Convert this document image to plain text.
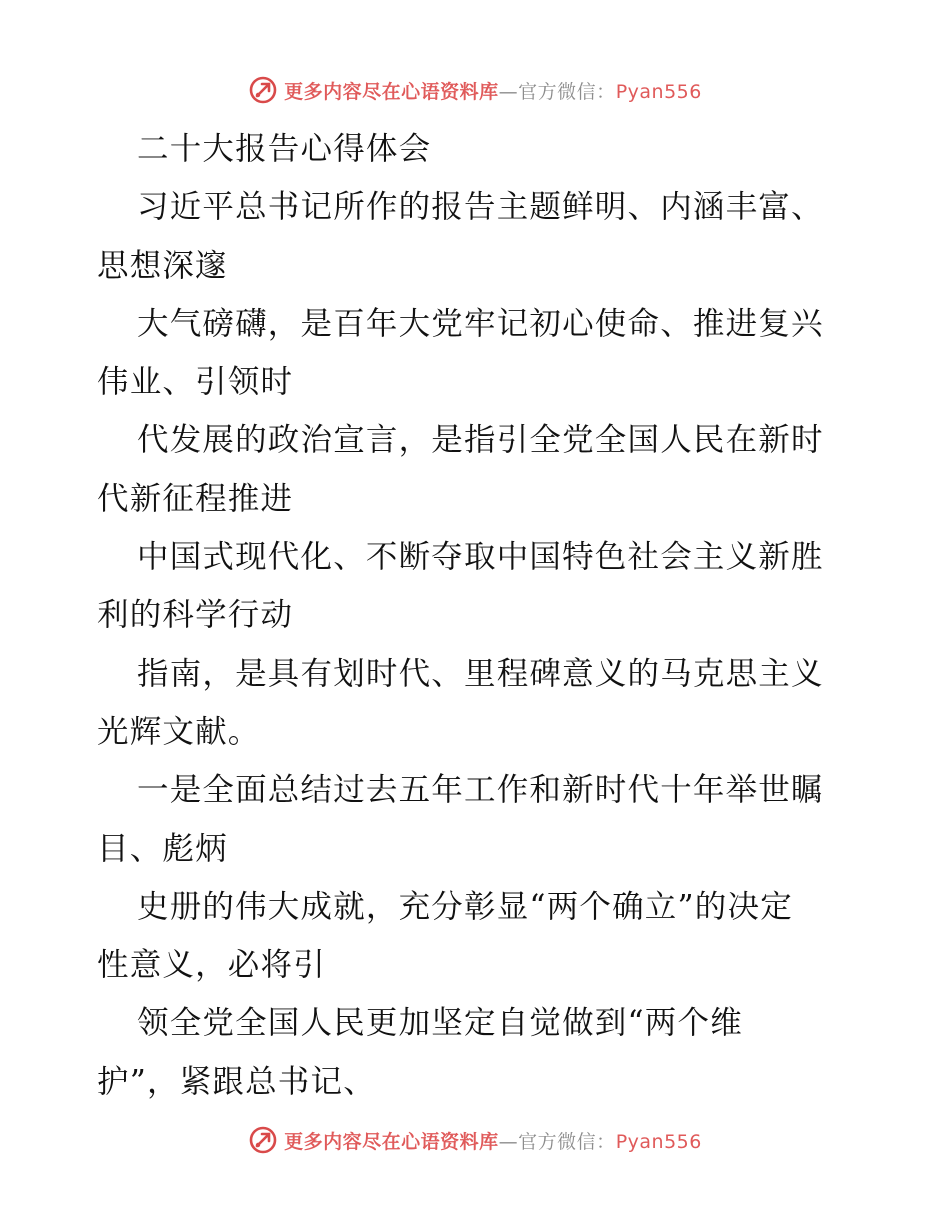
更多内容尽在心语资料库—官方微信：Pyan556
二十大报告心得体会
习近平总书记所作的报告主题鲜明、内涵丰富、
思想深邃
大气磅礴，是百年大党牢记初心使命、推进复兴
伟业、引领时
代发展的政治宣言，是指引全党全国人民在新时
代新征程推进
中国式现代化、不断夺取中国特色社会主义新胜
利的科学行动
指南，是具有划时代、里程碑意义的马克思主义
光辉文献。
一是全面总结过去五年工作和新时代十年举世瞩
目、彪炳
史册的伟大成就，充分彰显“两个确立”的决定
性意义，必将引
领全党全国人民更加坚定自觉做到“两个维
护”，紧跟总书记、
更多内容尽在心语资料库—官方微信：Pyan556
